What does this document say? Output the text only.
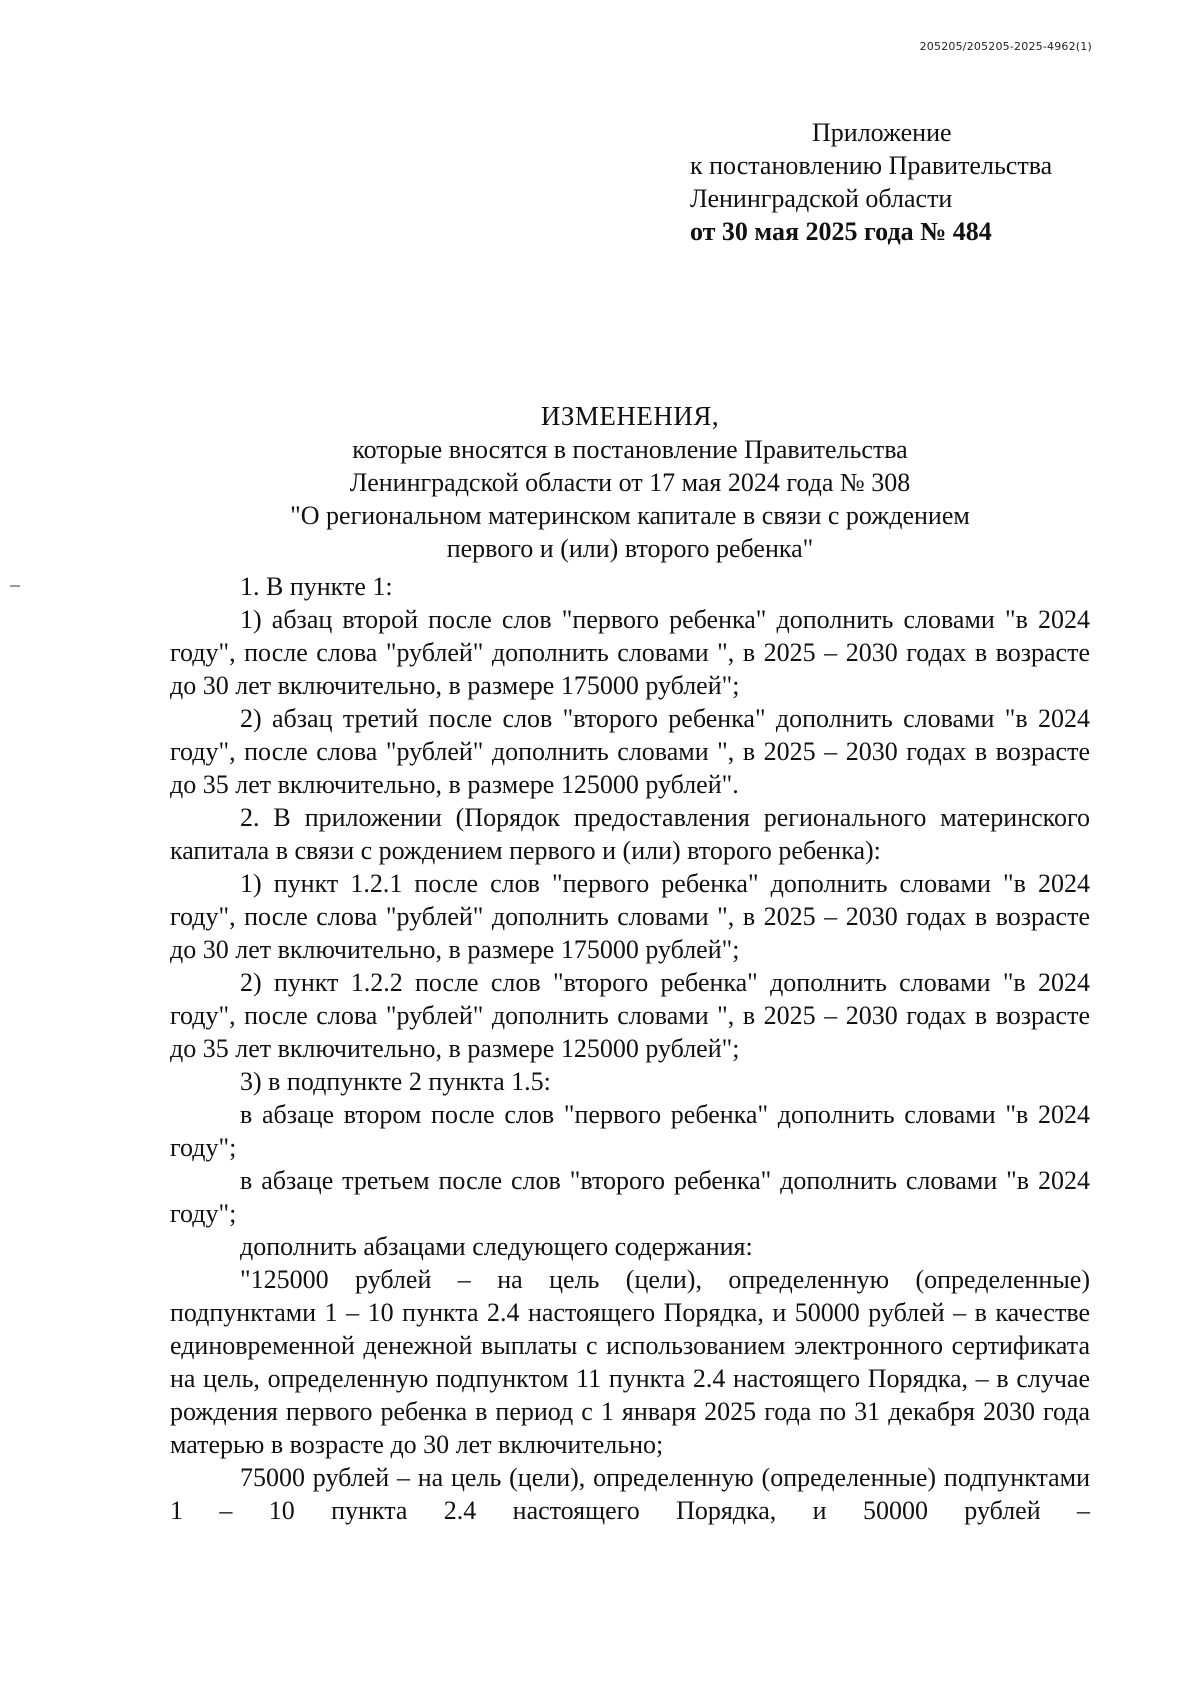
205205/205205-2025-4962(1)
Приложение
к постановлению Правительства
Ленинградской области
от 30 мая 2025 года № 484
ИЗМЕНЕНИЯ,
которые вносятся в постановление Правительства
Ленинградской области от 17 мая 2024 года № 308
"О региональном материнском капитале в связи с рождением
первого и (или) второго ребенка"

1. В пункте 1:

1) абзац второй после слов "первого ребенка" дополнить словами "в 2024 году", после слова "рублей" дополнить словами ", в 2025 – 2030 годах в возрасте до 30 лет включительно, в размере 175000 рублей";

2) абзац третий после слов "второго ребенка" дополнить словами "в 2024 году", после слова "рублей" дополнить словами ", в 2025 – 2030 годах в возрасте до 35 лет включительно, в размере 125000 рублей".

2. В приложении (Порядок предоставления регионального материнского капитала в связи с рождением первого и (или) второго ребенка):

1) пункт 1.2.1 после слов "первого ребенка" дополнить словами "в 2024 году", после слова "рублей" дополнить словами ", в 2025 – 2030 годах в возрасте до 30 лет включительно, в размере 175000 рублей";

2) пункт 1.2.2 после слов "второго ребенка" дополнить словами "в 2024 году", после слова "рублей" дополнить словами ", в 2025 – 2030 годах в возрасте до 35 лет включительно, в размере 125000 рублей";

3) в подпункте 2 пункта 1.5:

в абзаце втором после слов "первого ребенка" дополнить словами "в 2024 году";

в абзаце третьем после слов "второго ребенка" дополнить словами "в 2024 году";

дополнить абзацами следующего содержания:

"125000 рублей – на цель (цели), определенную (определенные) подпунктами 1 – 10 пункта 2.4 настоящего Порядка, и 50000 рублей – в качестве единовременной денежной выплаты с использованием электронного сертификата на цель, определенную подпунктом 11 пункта 2.4 настоящего Порядка, – в случае рождения первого ребенка в период с 1 января 2025 года по 31 декабря 2030 года матерью в возрасте до 30 лет включительно;

75000 рублей – на цель (цели), определенную (определенные) подпунктами 1 – 10 пункта 2.4 настоящего Порядка, и 50000 рублей –
